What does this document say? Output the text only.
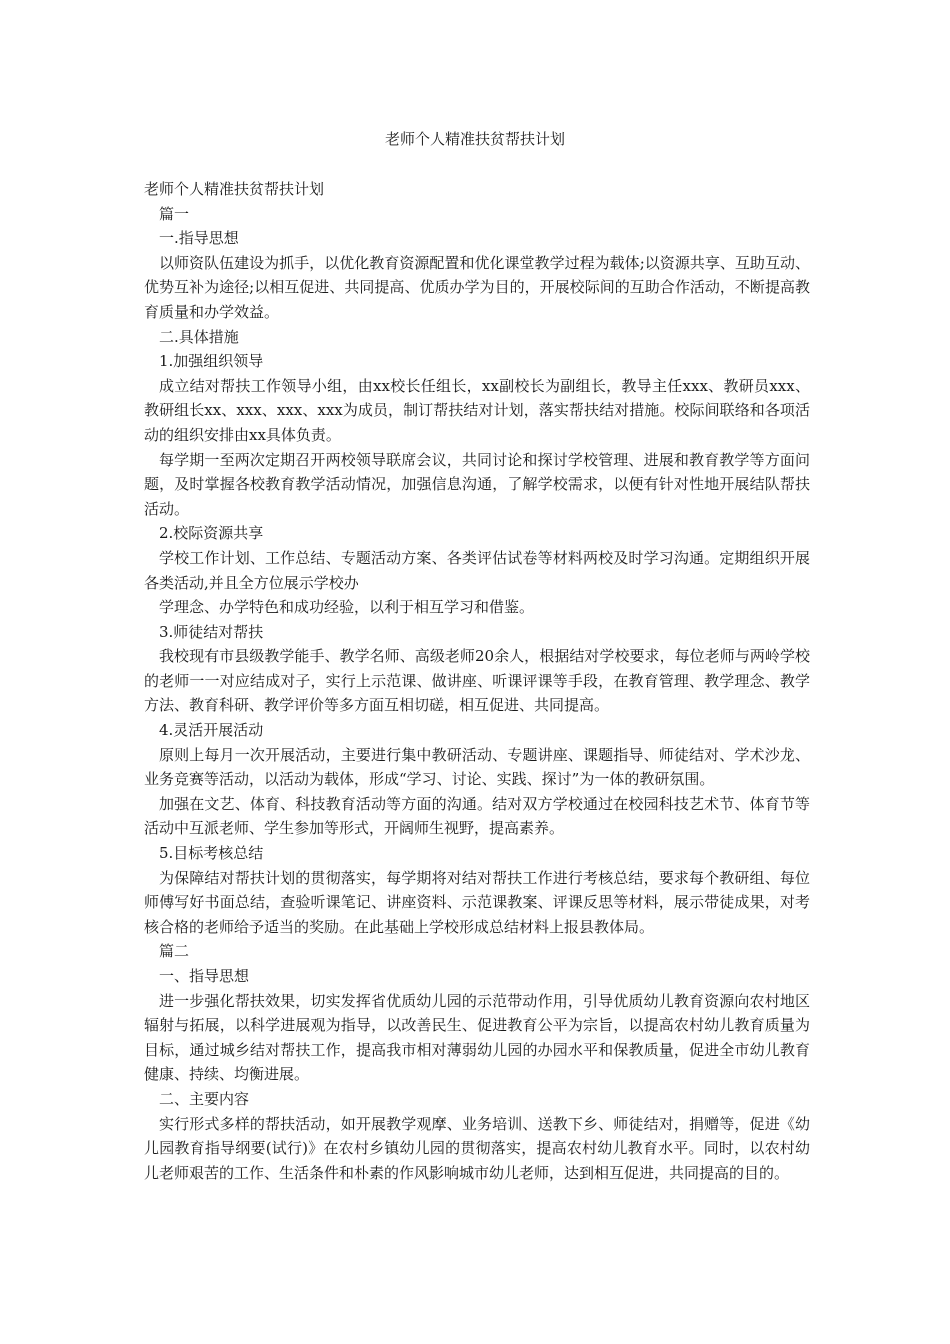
老师个人精准扶贫帮扶计划

老师个人精准扶贫帮扶计划

篇一

一.指导思想

以师资队伍建设为抓手，以优化教育资源配置和优化课堂教学过程为载体;以资源共享、互助互动、优势互补为途径;以相互促进、共同提高、优质办学为目的，开展校际间的互助合作活动，不断提高教育质量和办学效益。

二.具体措施

1.加强组织领导

成立结对帮扶工作领导小组，由xx校长任组长，xx副校长为副组长，教导主任xxx、教研员xxx、教研组长xx、xxx、xxx、xxx为成员，制订帮扶结对计划，落实帮扶结对措施。校际间联络和各项活动的组织安排由xx具体负责。

每学期一至两次定期召开两校领导联席会议，共同讨论和探讨学校管理、进展和教育教学等方面问题，及时掌握各校教育教学活动情况，加强信息沟通，了解学校需求，以便有针对性地开展结队帮扶活动。

2.校际资源共享

学校工作计划、工作总结、专题活动方案、各类评估试卷等材料两校及时学习沟通。定期组织开展各类活动,并且全方位展示学校办

学理念、办学特色和成功经验，以利于相互学习和借鉴。

3.师徒结对帮扶

我校现有市县级教学能手、教学名师、高级老师20余人，根据结对学校要求，每位老师与两岭学校的老师一一对应结成对子，实行上示范课、做讲座、听课评课等手段，在教育管理、教学理念、教学方法、教育科研、教学评价等多方面互相切磋，相互促进、共同提高。

4.灵活开展活动

原则上每月一次开展活动，主要进行集中教研活动、专题讲座、课题指导、师徒结对、学术沙龙、业务竞赛等活动，以活动为载体，形成“学习、讨论、实践、探讨”为一体的教研氛围。

加强在文艺、体育、科技教育活动等方面的沟通。结对双方学校通过在校园科技艺术节、体育节等活动中互派老师、学生参加等形式，开阔师生视野，提高素养。

5.目标考核总结

为保障结对帮扶计划的贯彻落实，每学期将对结对帮扶工作进行考核总结，要求每个教研组、每位师傅写好书面总结，查验听课笔记、讲座资料、示范课教案、评课反思等材料，展示带徒成果，对考核合格的老师给予适当的奖励。在此基础上学校形成总结材料上报县教体局。

篇二

一、指导思想

进一步强化帮扶效果，切实发挥省优质幼儿园的示范带动作用，引导优质幼儿教育资源向农村地区辐射与拓展，以科学进展观为指导，以改善民生、促进教育公平为宗旨，以提高农村幼儿教育质量为目标，通过城乡结对帮扶工作，提高我市相对薄弱幼儿园的办园水平和保教质量，促进全市幼儿教育健康、持续、均衡进展。

二、主要内容

实行形式多样的帮扶活动，如开展教学观摩、业务培训、送教下乡、师徒结对，捐赠等，促进《幼儿园教育指导纲要(试行)》在农村乡镇幼儿园的贯彻落实，提高农村幼儿教育水平。同时，以农村幼儿老师艰苦的工作、生活条件和朴素的作风影响城市幼儿老师，达到相互促进，共同提高的目的。
